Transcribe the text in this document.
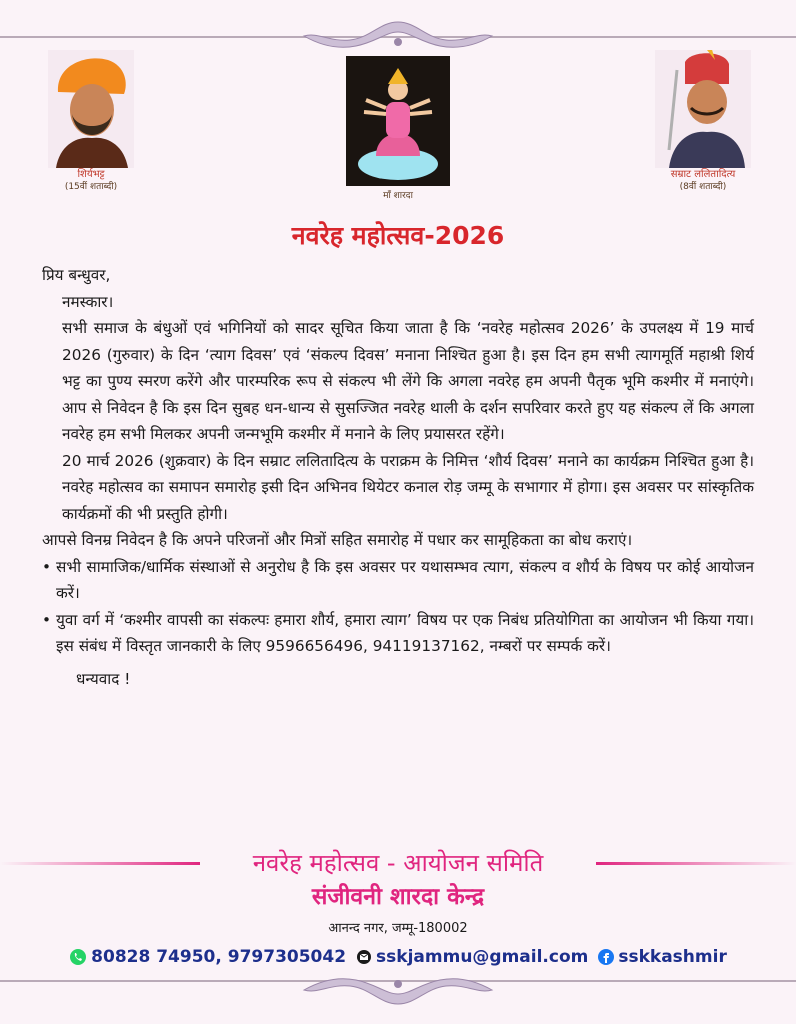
शिर्यभट्ट
(15वीं शताब्दी)
माँ शारदा
सम्राट ललितादित्य
(8वीं शताब्दी)
नवरेह महोत्सव-2026

प्रिय बन्धुवर,

नमस्कार।

सभी समाज के बंधुओं एवं भगिनियों को सादर सूचित किया जाता है कि ‘नवरेह महोत्सव 2026’ के उपलक्ष्य में 19 मार्च 2026 (गुरुवार) के दिन ‘त्याग दिवस’ एवं ‘संकल्प दिवस’ मनाना निश्चित हुआ है। इस दिन हम सभी त्यागमूर्ति महाश्री शिर्य भट्ट का पुण्य स्मरण करेंगे और पारम्परिक रूप से संकल्प भी लेंगे कि अगला नवरेह हम अपनी पैतृक भूमि कश्मीर में मनाएंगे। आप से निवेदन है कि इस दिन सुबह धन-धान्य से सुसज्जित नवरेह थाली के दर्शन सपरिवार करते हुए यह संकल्प लें कि अगला नवरेह हम सभी मिलकर अपनी जन्मभूमि कश्मीर में मनाने के लिए प्रयासरत रहेंगे।

20 मार्च 2026 (शुक्रवार) के दिन सम्राट ललितादित्य के पराक्रम के निमित्त ‘शौर्य दिवस’ मनाने का कार्यक्रम निश्चित हुआ है। नवरेह महोत्सव का समापन समारोह इसी दिन अभिनव थियेटर कनाल रोड़ जम्मू के सभागार में होगा। इस अवसर पर सांस्कृतिक कार्यक्रमों की भी प्रस्तुति होगी।

आपसे विनम्र निवेदन है कि अपने परिजनों और मित्रों सहित समारोह में पधार कर सामूहिकता का बोध कराएं।

• सभी सामाजिक/धार्मिक संस्थाओं से अनुरोध है कि इस अवसर पर यथासम्भव त्याग, संकल्प व शौर्य के विषय पर कोई आयोजन करें।
• युवा वर्ग में ‘कश्मीर वापसी का संकल्पः हमारा शौर्य, हमारा त्याग’ विषय पर एक निबंध प्रतियोगिता का आयोजन भी किया गया। इस संबंध में विस्तृत जानकारी के लिए 9596656496, 94119137162, नम्बरों पर सम्पर्क करें।

धन्यवाद !

नवरेह महोत्सव - आयोजन समिति
संजीवनी शारदा केन्द्र
आनन्द नगर, जम्मू-180002
80828 74950, 9797305042 sskjammu@gmail.com sskkashmir
